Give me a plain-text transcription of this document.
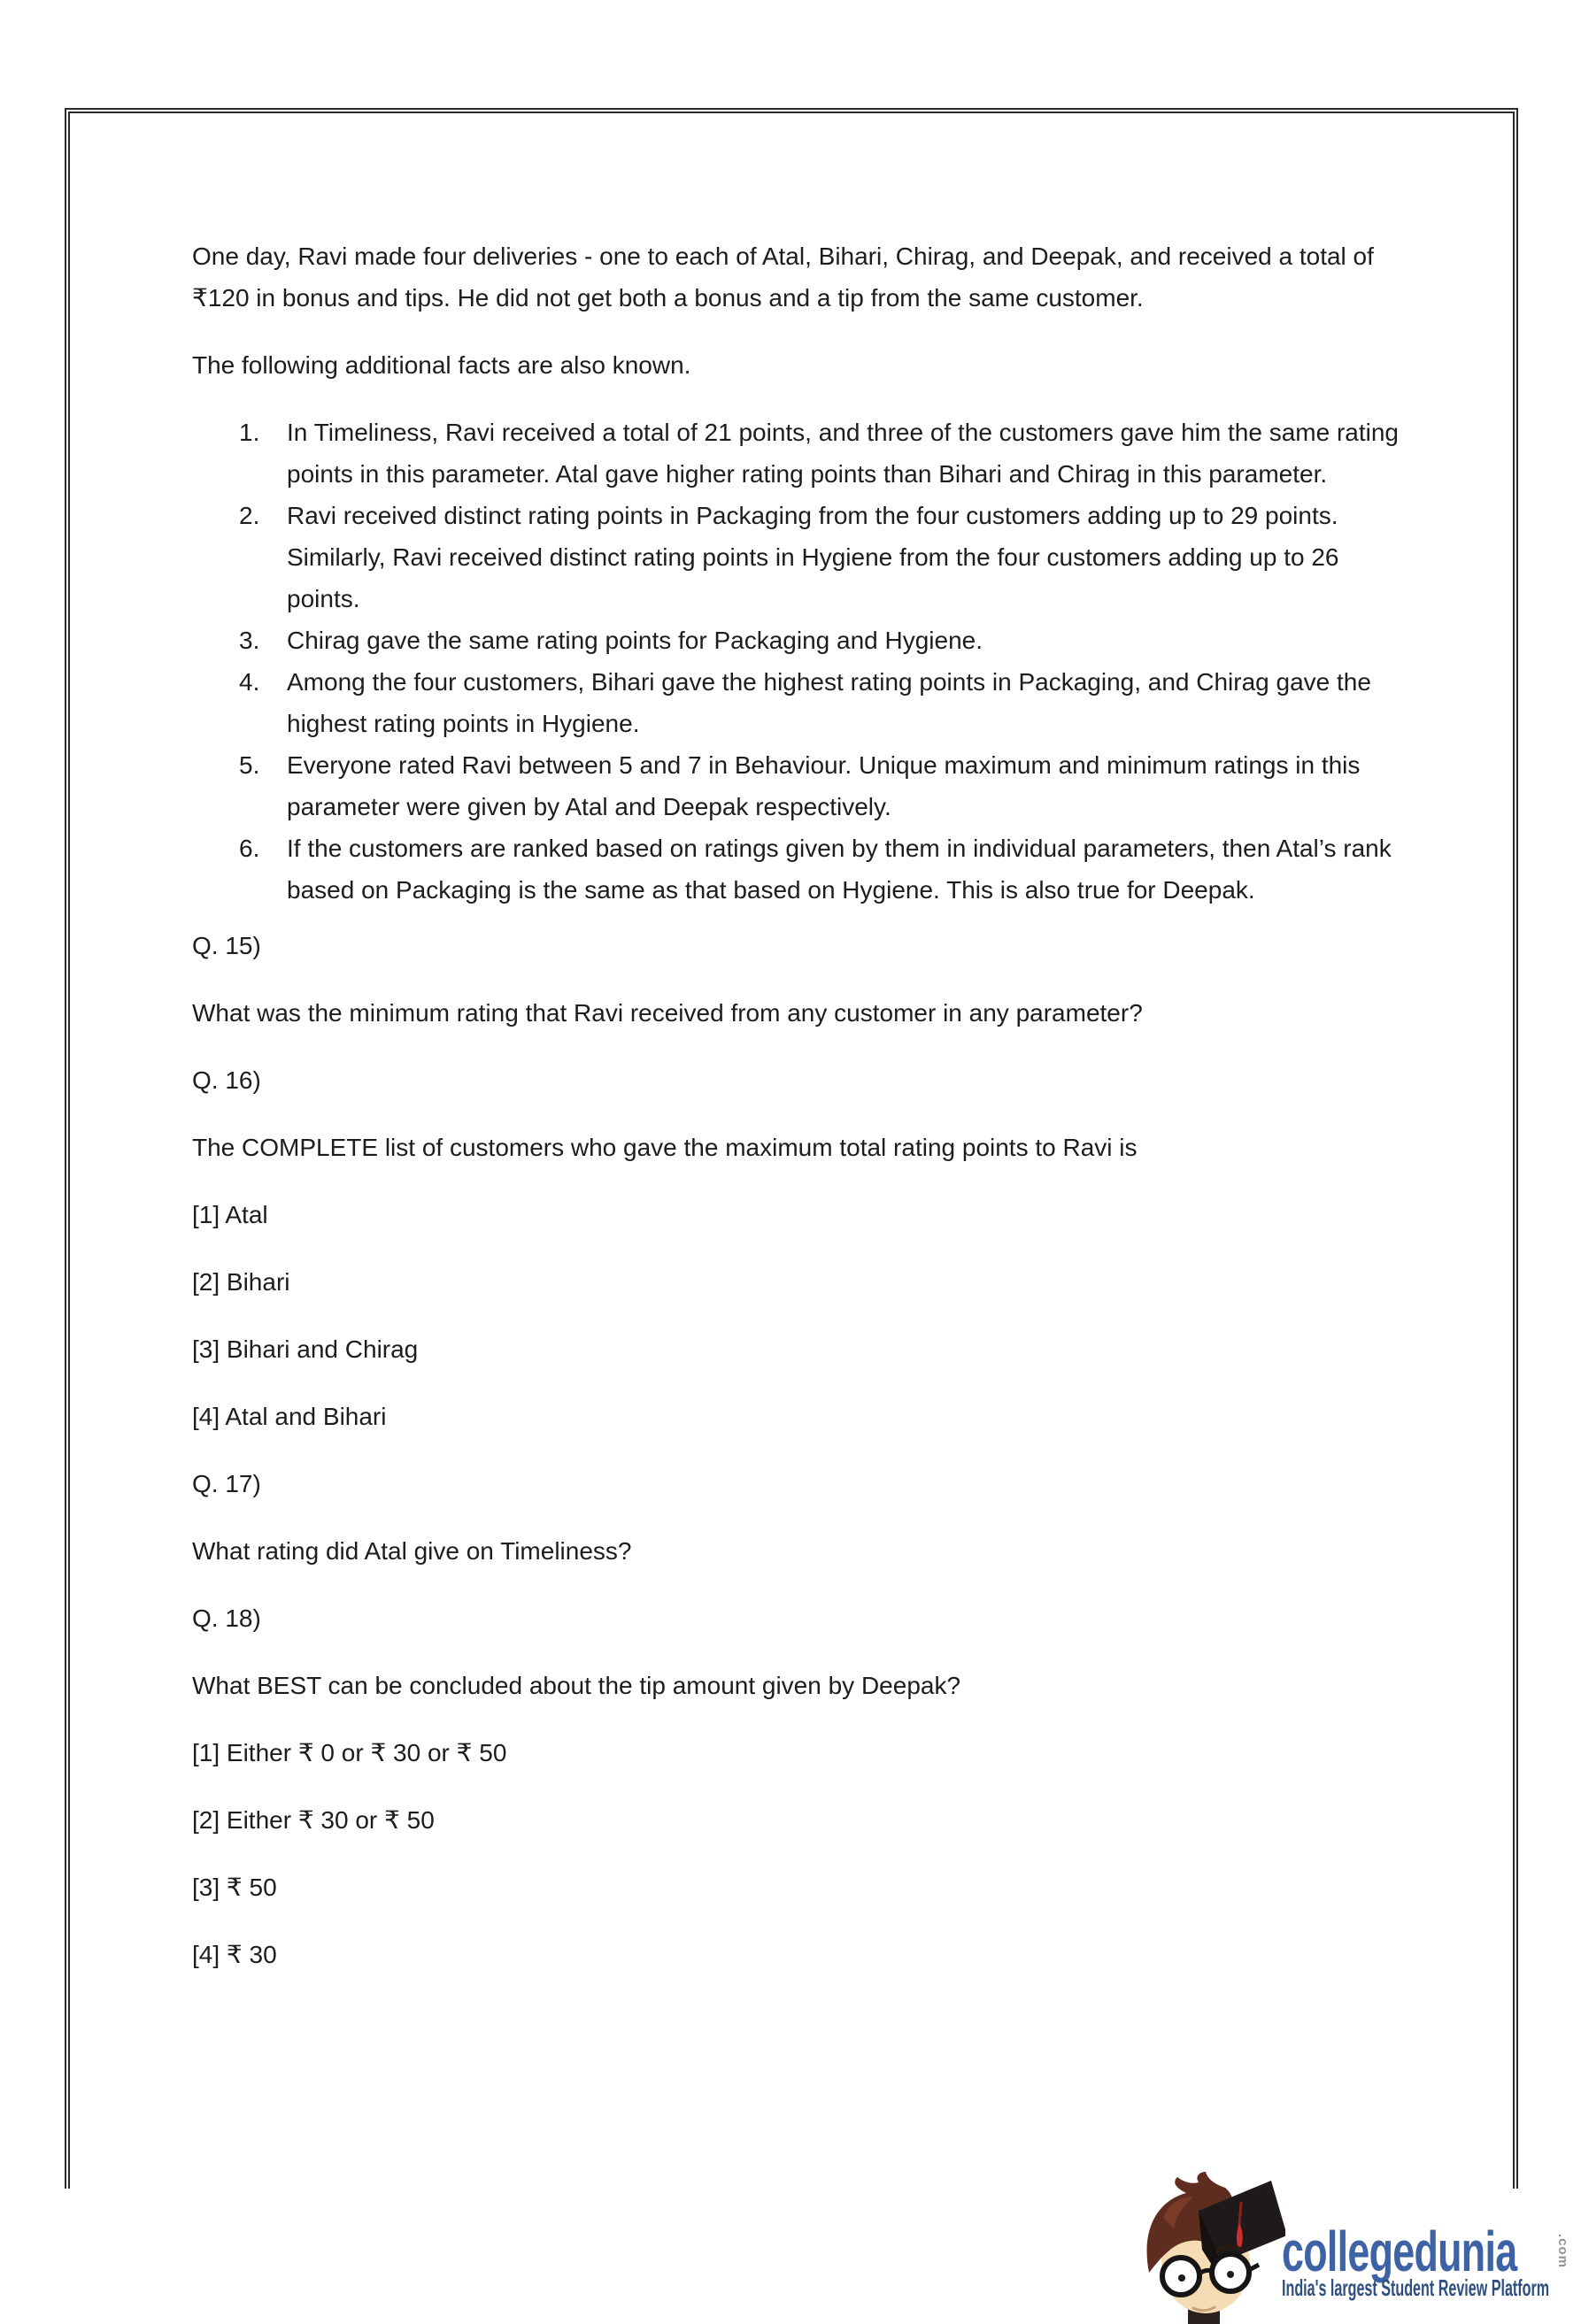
One day, Ravi made four deliveries - one to each of Atal, Bihari, Chirag, and Deepak, and received a total of ₹120 in bonus and tips. He did not get both a bonus and a tip from the same customer.

The following additional facts are also known.

1.	In Timeliness, Ravi received a total of 21 points, and three of the customers gave him the same rating points in this parameter. Atal gave higher rating points than Bihari and Chirag in this parameter.
2.	Ravi received distinct rating points in Packaging from the four customers adding up to 29 points. Similarly, Ravi received distinct rating points in Hygiene from the four customers adding up to 26 points.
3.	Chirag gave the same rating points for Packaging and Hygiene.
4.	Among the four customers, Bihari gave the highest rating points in Packaging, and Chirag gave the highest rating points in Hygiene.
5.	Everyone rated Ravi between 5 and 7 in Behaviour. Unique maximum and minimum ratings in this parameter were given by Atal and Deepak respectively.
6.	If the customers are ranked based on ratings given by them in individual parameters, then Atal’s rank based on Packaging is the same as that based on Hygiene. This is also true for Deepak.

Q. 15)

What was the minimum rating that Ravi received from any customer in any parameter?

Q. 16)

The COMPLETE list of customers who gave the maximum total rating points to Ravi is

[1] Atal

[2] Bihari

[3] Bihari and Chirag

[4] Atal and Bihari

Q. 17)

What rating did Atal give on Timeliness?

Q. 18)

What BEST can be concluded about the tip amount given by Deepak?

[1] Either ₹ 0 or ₹ 30 or ₹ 50

[2] Either ₹ 30 or ₹ 50

[3] ₹ 50

[4] ₹ 30

collegedunia	.com
India's largest Student Review Platform
